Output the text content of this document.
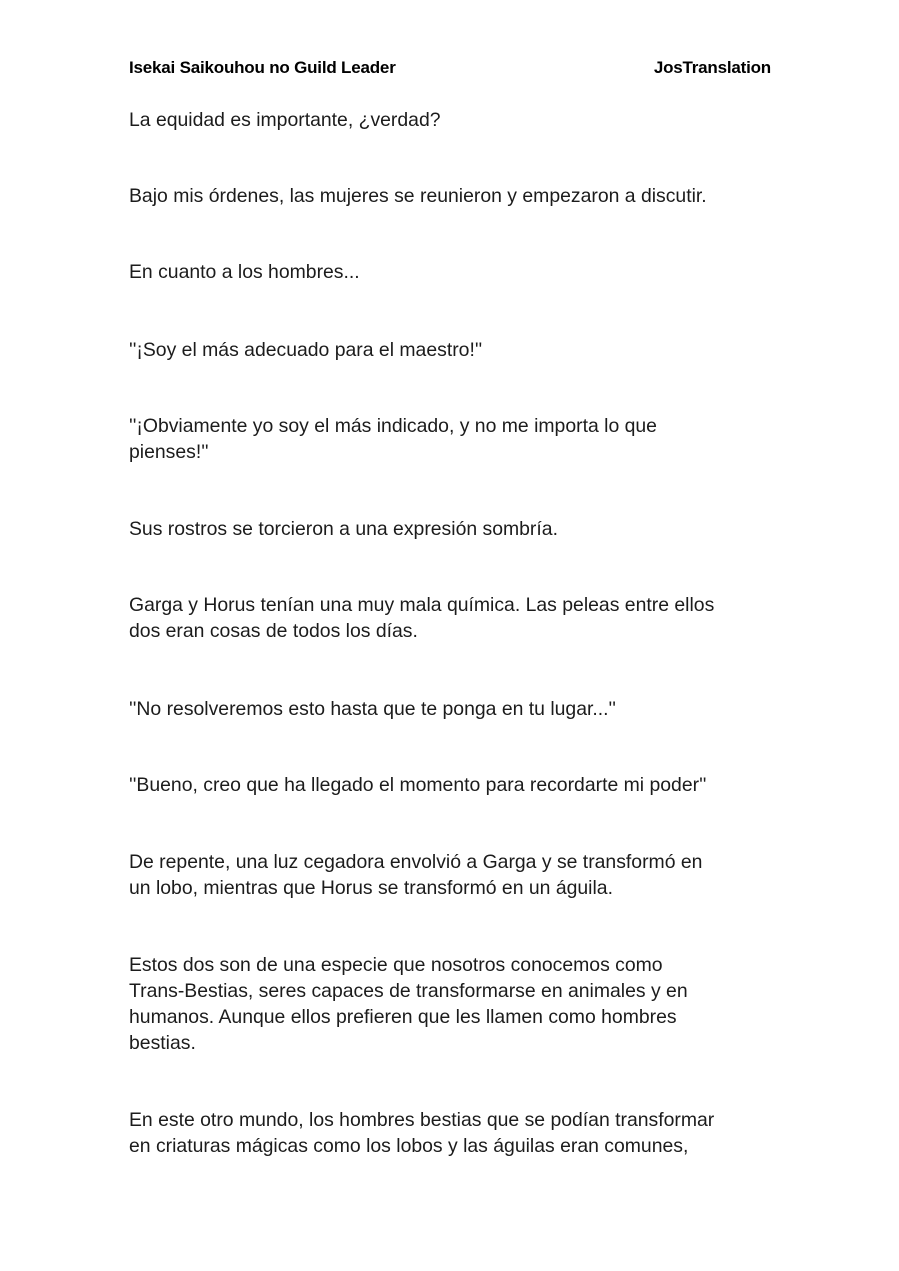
Isekai Saikouhou no Guild Leader	JosTranslation

La equidad es importante, ¿verdad?

Bajo mis órdenes, las mujeres se reunieron y empezaron a discutir.

En cuanto a los hombres...

''¡Soy el más adecuado para el maestro!''

''¡Obviamente yo soy el más indicado, y no me importa lo que
pienses!''

Sus rostros se torcieron a una expresión sombría.

Garga y Horus tenían una muy mala química. Las peleas entre ellos
dos eran cosas de todos los días.

''No resolveremos esto hasta que te ponga en tu lugar...''

''Bueno, creo que ha llegado el momento para recordarte mi poder''

De repente, una luz cegadora envolvió a Garga y se transformó en
un lobo, mientras que Horus se transformó en un águila.

Estos dos son de una especie que nosotros conocemos como
Trans-Bestias, seres capaces de transformarse en animales y en
humanos. Aunque ellos prefieren que les llamen como hombres
bestias.

En este otro mundo, los hombres bestias que se podían transformar
en criaturas mágicas como los lobos y las águilas eran comunes,
